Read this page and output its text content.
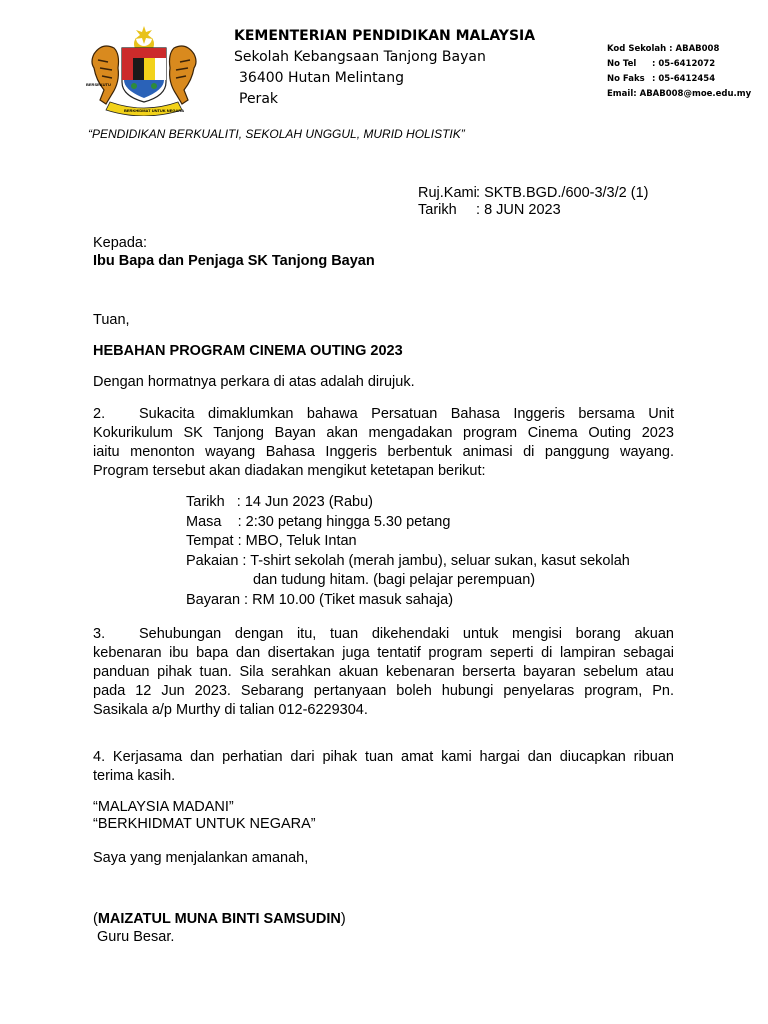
BERSEKUTU
BERKHIDMAT UNTUK NEGARA
KEMENTERIAN PENDIDIKAN MALAYSIA
Sekolah Kebangsaan Tanjong Bayan
36400 Hutan Melintang
Perak
Kod Sekolah : ABAB008
No Tel : 05-6412072
No Faks : 05-6412454
Email: ABAB008@moe.edu.my
“PENDIDIKAN BERKUALITI, SEKOLAH UNGGUL, MURID HOLISTIK”
Ruj.Kami: SKTB.BGD./600-3/3/2 (1)
Tarikh : 8 JUN 2023
Kepada:
Ibu Bapa dan Penjaga SK Tanjong Bayan
Tuan,
HEBAHAN PROGRAM CINEMA OUTING 2023
Dengan hormatnya perkara di atas adalah dirujuk.
2. Sukacita dimaklumkan bahawa Persatuan Bahasa Inggeris bersama Unit
Kokurikulum SK Tanjong Bayan akan mengadakan program Cinema Outing 2023
iaitu menonton wayang Bahasa Inggeris berbentuk animasi di panggung wayang.
Program tersebut akan diadakan mengikut ketetapan berikut:
Tarikh   : 14 Jun 2023 (Rabu)
Masa    : 2:30 petang hingga 5.30 petang
Tempat : MBO, Teluk Intan
Pakaian : T-shirt sekolah (merah jambu), seluar sukan, kasut sekolah
dan tudung hitam. (bagi pelajar perempuan)
Bayaran : RM 10.00 (Tiket masuk sahaja)
3. Sehubungan dengan itu, tuan dikehendaki untuk mengisi borang akuan
kebenaran ibu bapa dan disertakan juga tentatif program seperti di lampiran sebagai
panduan pihak tuan. Sila serahkan akuan kebenaran berserta bayaran sebelum atau
pada 12 Jun 2023. Sebarang pertanyaan boleh hubungi penyelaras program, Pn.
Sasikala a/p Murthy di talian 012-6229304.
4. Kerjasama dan perhatian dari pihak tuan amat kami hargai dan diucapkan ribuan
terima kasih.
“MALAYSIA MADANI”
“BERKHIDMAT UNTUK NEGARA”
Saya yang menjalankan amanah,
(MAIZATUL MUNA BINTI SAMSUDIN)
Guru Besar.
